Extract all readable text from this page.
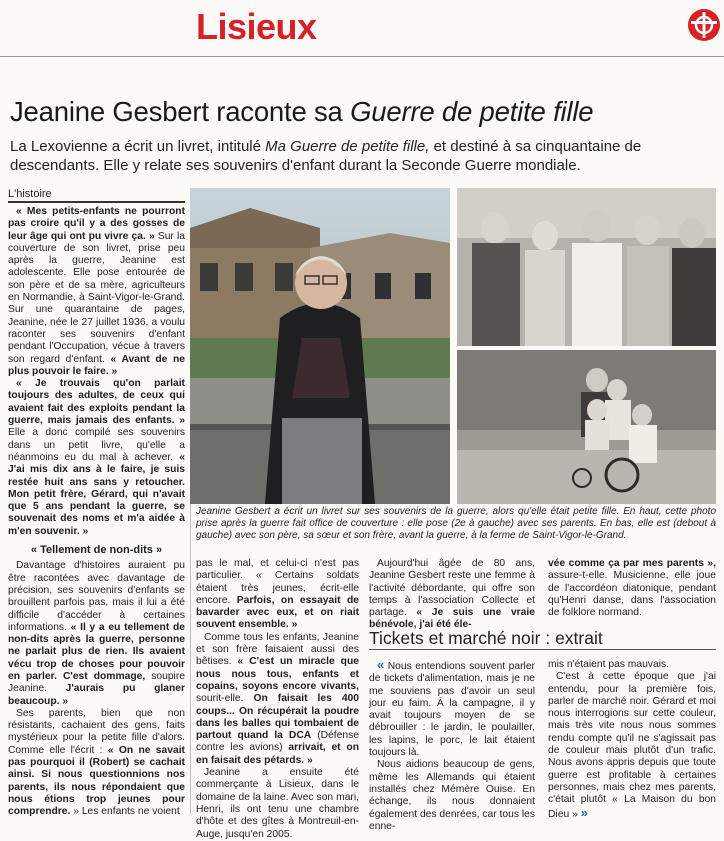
Lisieux
Jeanine Gesbert raconte sa Guerre de petite fille
La Lexovienne a écrit un livret, intitulé Ma Guerre de petite fille, et destiné à sa cinquantaine de descendants. Elle y relate ses souvenirs d'enfant durant la Seconde Guerre mondiale.
L'histoire

« Mes petits-enfants ne pourront pas croire qu'il y a des gosses de leur âge qui ont pu vivre ça. » Sur la couverture de son livret, prise peu après la guerre, Jeanine est adolescente. Elle pose entourée de son père et de sa mère, agriculteurs en Normandie, à Saint-Vigor-le-Grand. Sur une quarantaine de pages, Jeanine, née le 27 juillet 1936, a voulu raconter ses souvenirs d'enfant pendant l'Occupation, vécue à travers son regard d'enfant. « Avant de ne plus pouvoir le faire. »

« Je trouvais qu'on parlait toujours des adultes, de ceux qui avaient fait des exploits pendant la guerre, mais jamais des enfants. » Elle a donc compilé ses souvenirs dans un petit livre, qu'elle a néanmoins eu du mal à achever. « J'ai mis dix ans à le faire, je suis restée huit ans sans y retoucher. Mon petit frère, Gérard, qui n'avait que 5 ans pendant la guerre, se souvenait des noms et m'a aidée à m'en souvenir. »

« Tellement de non-dits »

Davantage d'histoires auraient pu être racontées avec davantage de précision, ses souvenirs d'enfants se brouillent parfois pas, mais il lui a été difficile d'accéder à certaines informations. « Il y a eu tellement de non-dits après la guerre, personne ne parlait plus de rien. Ils avaient vécu trop de choses pour pouvoir en parler. C'est dommage, soupire Jeanine. J'aurais pu glaner beaucoup. »

Ses parents, bien que non résistants, cachaient des gens, faits mystérieux pour la petite fille d'alors. Comme elle l'écrit : « On ne savait pas pourquoi il (Robert) se cachait ainsi. Si nous questionnions nos parents, ils nous répondaient que nous étions trop jeunes pour comprendre. » Les enfants ne voient

Jeanine Gesbert a écrit un livret sur ses souvenirs de la guerre, alors qu'elle était petite fille. En haut, cette photo prise après la guerre fait office de couverture : elle pose (2e à gauche) avec ses parents. En bas, elle est (debout à gauche) avec son père, sa sœur et son frère, avant la guerre, à la ferme de Saint-Vigor-le-Grand.

pas le mal, et celui-ci n'est pas particulier. « Certains soldats étaient très jeunes, écrit-elle encore. Parfois, on essayait de bavarder avec eux, et on riait souvent ensemble. »

Comme tous les enfants, Jeanine et son frère faisaient aussi des bêtises. « C'est un miracle que nous nous tous, enfants et copains, soyons encore vivants, sourit-elle. On faisait les 400 coups... On récupérait la poudre dans les balles qui tombaient de partout quand la DCA (Défense contre les avions) arrivait, et on en faisait des pétards. »

Jeanine a ensuite été commerçante à Lisieux, dans le domaine de la laine. Avec son mari, Henri, ils ont tenu une chambre d'hôte et des gîtes à Montreuil-en-Auge, jusqu'en 2005.

Aujourd'hui âgée de 80 ans, Jeanine Gesbert reste une femme à l'activité débordante, qui offre son temps à l'association Collecte et partage. « Je suis une vraie bénévole, j'ai été éle-

vée comme ça par mes parents », assure-t-elle. Musicienne, elle joue de l'accordéon diatonique, pendant qu'Henri danse, dans l'association de folklore normand.

Tickets et marché noir : extrait

« Nous entendions souvent parler de tickets d'alimentation, mais je ne me souviens pas d'avoir un seul jour eu faim. À la campagne, il y avait toujours moyen de se débrouiller : le jardin, le poulailler, les lapins, le porc, le lait étaient toujours là.

Nous aidions beaucoup de gens, même les Allemands qui étaient installés chez Mémère Ouise. En échange, ils nous donnaient également des denrées, car tous les enne-

mis n'étaient pas mauvais.

C'est à cette époque que j'ai entendu, pour la première fois, parler de marché noir. Gérard et moi nous interrogions sur cette couleur, mais très vite nous nous sommes rendu compte qu'il ne s'agissait pas de couleur mais plutôt d'un trafic. Nous avons appris depuis que toute guerre est profitable à certaines personnes, mais chez mes parents, c'était plutôt « La Maison du bon Dieu » »
